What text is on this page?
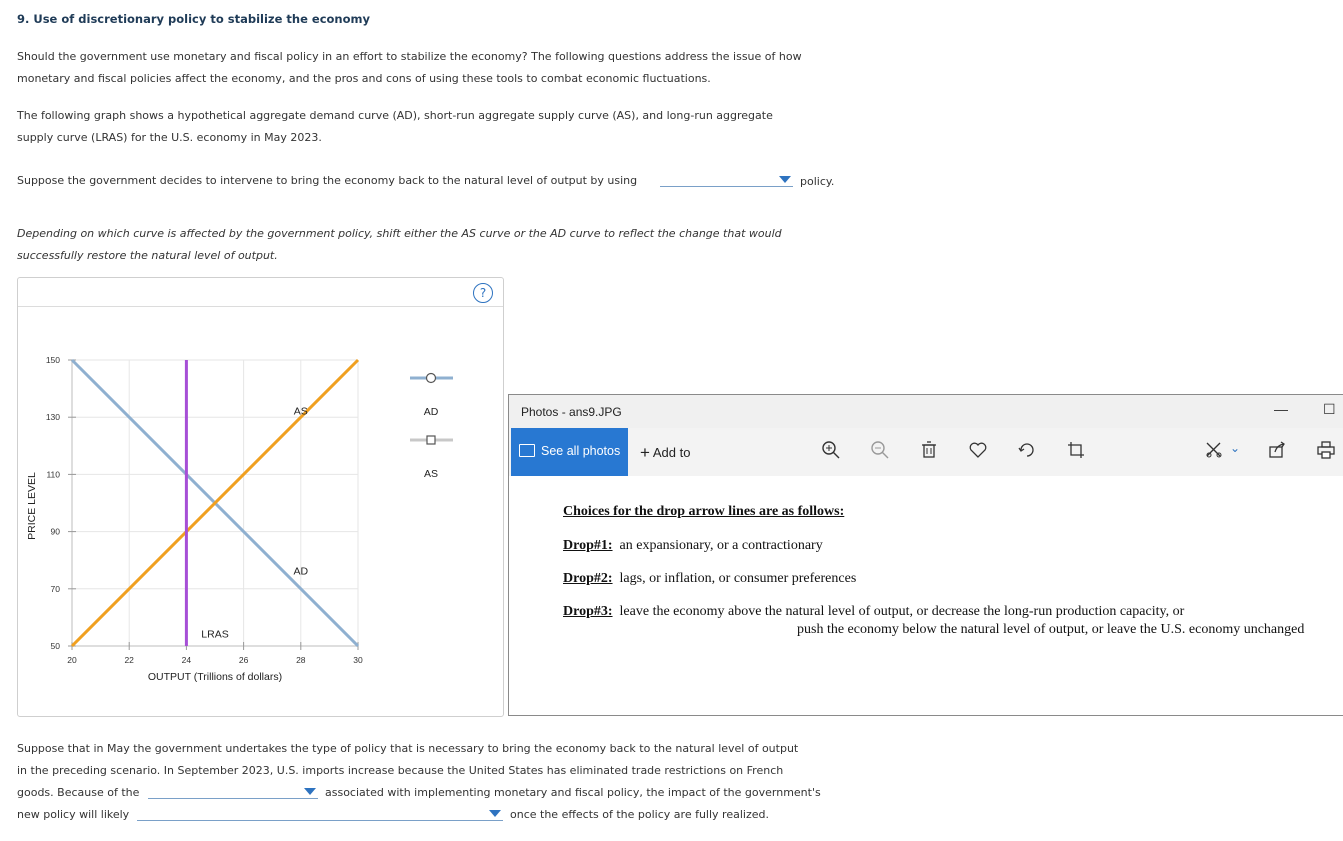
9. Use of discretionary policy to stabilize the economy
Should the government use monetary and fiscal policy in an effort to stabilize the economy? The following questions address the issue of how
monetary and fiscal policies affect the economy, and the pros and cons of using these tools to combat economic fluctuations.
The following graph shows a hypothetical aggregate demand curve (AD), short-run aggregate supply curve (AS), and long-run aggregate
supply curve (LRAS) for the U.S. economy in May 2023.
Suppose the government decides to intervene to bring the economy back to the natural level of output by using	policy.
Depending on which curve is affected by the government policy, shift either the AS curve or the AD curve to reflect the change that would
successfully restore the natural level of output.
?
20	22	24	26	28	30
50
70
90
110
130
150
AD
AS
LRAS
OUTPUT (Trillions of dollars)
PRICE LEVEL
AD
AS
Photos - ans9.JPG	—	☐
See all photos + Add to	⌄
Choices for the drop arrow lines are as follows:
Drop#1: an expansionary, or a contractionary
Drop#2: lags, or inflation, or consumer preferences
Drop#3: leave the economy above the natural level of output, or decrease the long-run production capacity, or
push the economy below the natural level of output, or leave the U.S. economy unchanged
Suppose that in May the government undertakes the type of policy that is necessary to bring the economy back to the natural level of output
in the preceding scenario. In September 2023, U.S. imports increase because the United States has eliminated trade restrictions on French
goods. Because of the	associated with implementing monetary and fiscal policy, the impact of the government's
new policy will likely	once the effects of the policy are fully realized.
